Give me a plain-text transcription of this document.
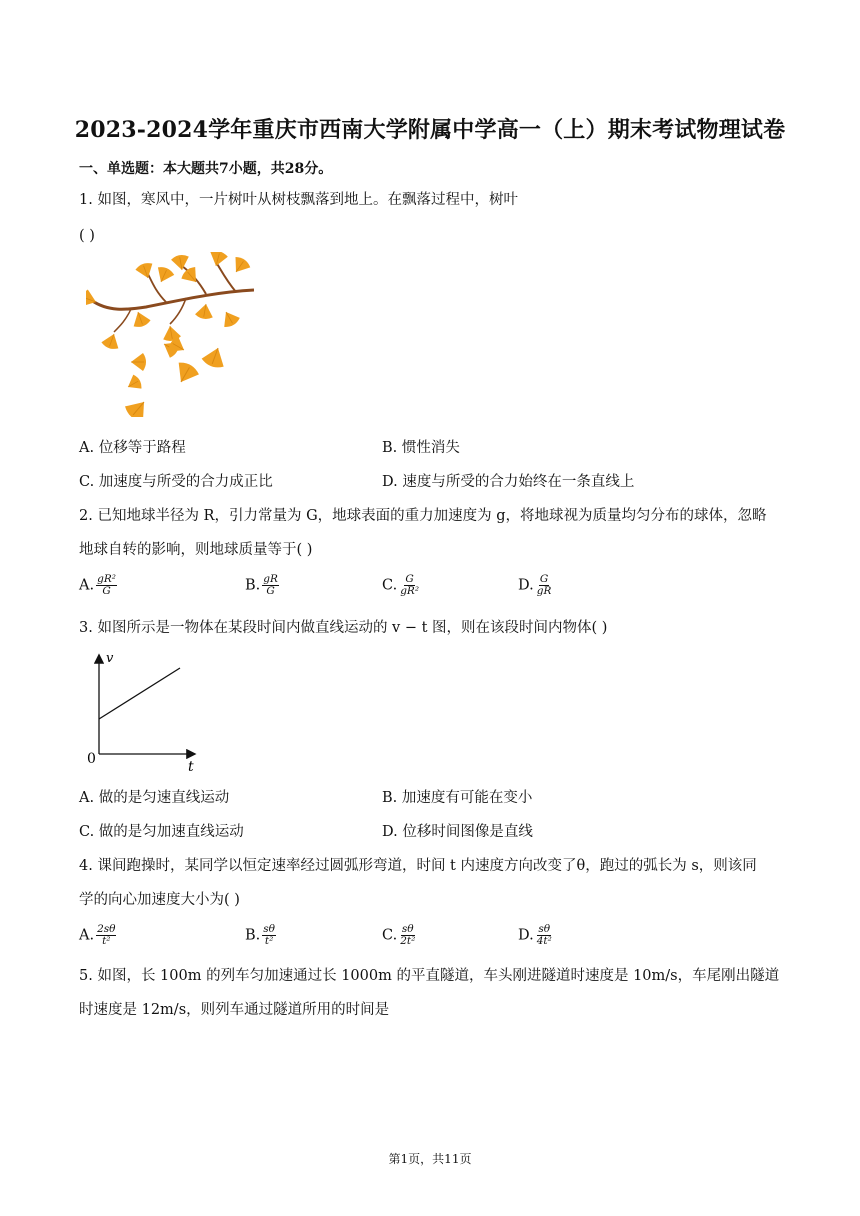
2023-2024学年重庆市西南大学附属中学高一（上）期末考试物理试卷
一、单选题：本大题共7小题，共28分。
1. 如图，寒风中，一片树叶从树枝飘落到地上。在飘落过程中，树叶
( )
A. 位移等于路程	B. 惯性消失
C. 加速度与所受的合力成正比	D. 速度与所受的合力始终在一条直线上
2. 已知地球半径为 R，引力常量为 G，地球表面的重力加速度为 g，将地球视为质量均匀分布的球体，忽略
地球自转的影响，则地球质量等于( )
A. $\frac{\text{gR²}}{G}$	B. $\frac{gR}{G}$	C. $\frac{G}{\text{gR²}}$	D. $\frac{G}{gR}$
3. 如图所示是一物体在某段时间内做直线运动的 v − t 图，则在该段时间内物体( )
v
t
0
A. 做的是匀速直线运动	B. 加速度有可能在变小
C. 做的是匀加速直线运动	D. 位移时间图像是直线
4. 课间跑操时，某同学以恒定速率经过圆弧形弯道，时间 t 内速度方向改变了θ，跑过的弧长为 s，则该同
学的向心加速度大小为( )
A. $\frac{2s\theta}{\text{t²}}$	B. $\frac{s\theta}{\text{t²}}$	C. $\frac{s\theta}{\text{2t²}}$	D. $\frac{s\theta}{\text{4t²}}$
5. 如图，长 100m 的列车匀加速通过长 1000m 的平直隧道，车头刚进隧道时速度是 10m/s，车尾刚出隧道
时速度是 12m/s，则列车通过隧道所用的时间是
第1页，共11页
